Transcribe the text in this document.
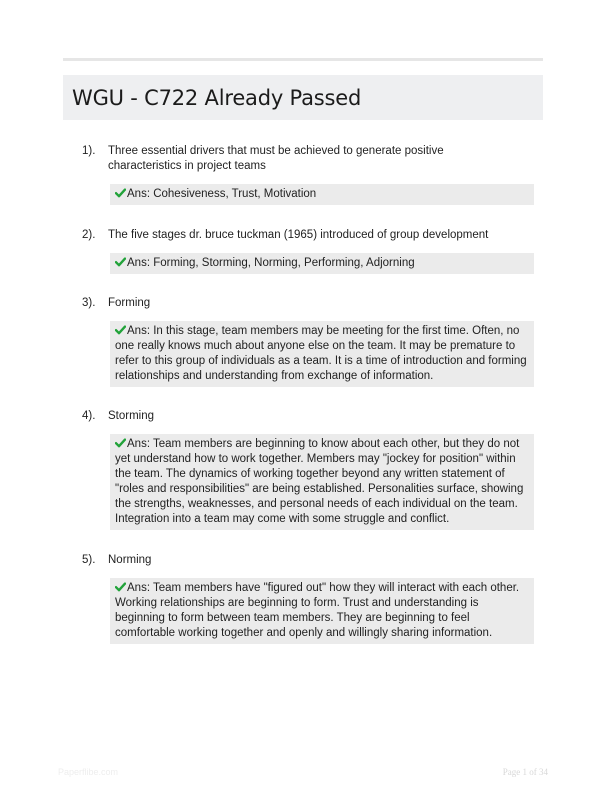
WGU - C722 Already Passed
1). Three essential drivers that must be achieved to generate positive characteristics in project teams
Ans: Cohesiveness, Trust, Motivation
2). The five stages dr. bruce tuckman (1965) introduced of group development
Ans: Forming, Storming, Norming, Performing, Adjorning
3). Forming
Ans: In this stage, team members may be meeting for the first time. Often, no one really knows much about anyone else on the team. It may be premature to refer to this group of individuals as a team. It is a time of introduction and forming relationships and understanding from exchange of information.
4). Storming
Ans: Team members are beginning to know about each other, but they do not yet understand how to work together. Members may "jockey for position" within the team. The dynamics of working together beyond any written statement of "roles and responsibilities" are being established. Personalities surface, showing the strengths, weaknesses, and personal needs of each individual on the team. Integration into a team may come with some struggle and conflict.
5). Norming
Ans: Team members have "figured out" how they will interact with each other. Working relationships are beginning to form. Trust and understanding is beginning to form between team members. They are beginning to feel comfortable working together and openly and willingly sharing information.
Paperflibe.com	Page 1 of 34
